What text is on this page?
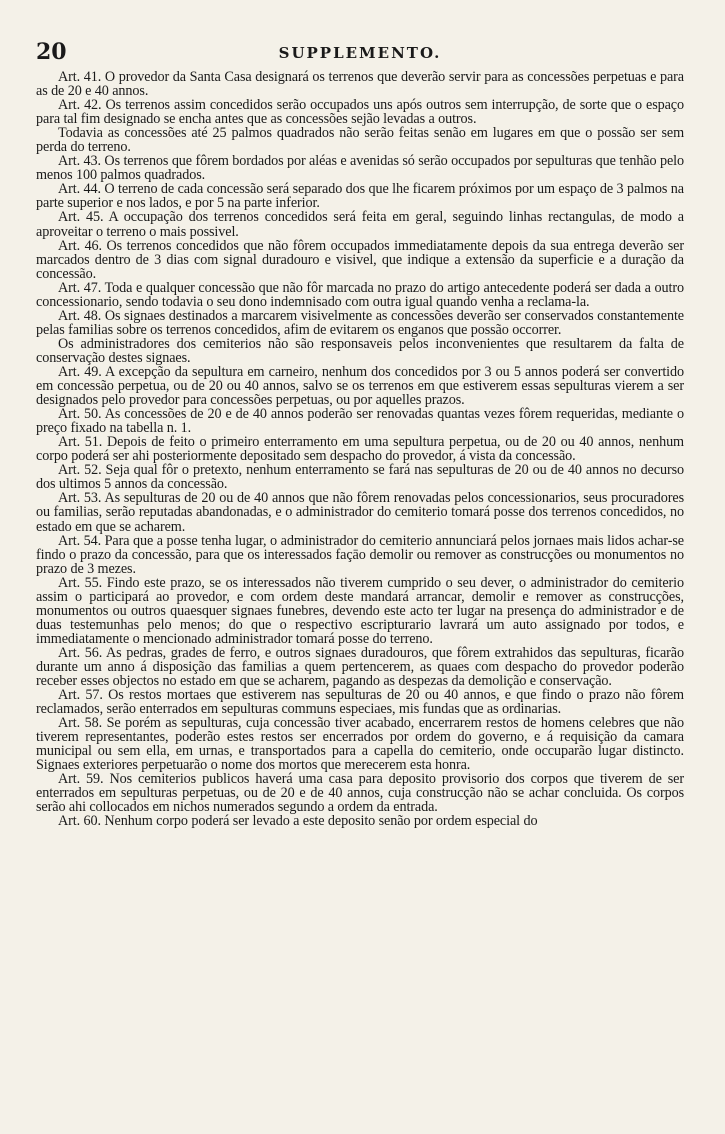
20	SUPPLEMENTO.

Art. 41. O provedor da Santa Casa designará os terrenos que deverão servir para as concessões perpetuas e para as de 20 e 40 annos.

Art. 42. Os terrenos assim concedidos serão occupados uns após outros sem interrupção, de sorte que o espaço para tal fim designado se encha antes que as concessões sejão levadas a outros.

Todavia as concessões até 25 palmos quadrados não serão feitas senão em lugares em que o possão ser sem perda do terreno.

Art. 43. Os terrenos que fôrem bordados por aléas e avenidas só serão occupados por sepulturas que tenhão pelo menos 100 palmos quadrados.

Art. 44. O terreno de cada concessão será separado dos que lhe ficarem próximos por um espaço de 3 palmos na parte superior e nos lados, e por 5 na parte inferior.

Art. 45. A occupação dos terrenos concedidos será feita em geral, seguindo linhas rectangulas, de modo a aproveitar o terreno o mais possivel.

Art. 46. Os terrenos concedidos que não fôrem occupados immediatamente depois da sua entrega deverão ser marcados dentro de 3 dias com signal duradouro e visivel, que indique a extensão da superficie e a duração da concessão.

Art. 47. Toda e qualquer concessão que não fôr marcada no prazo do artigo antecedente poderá ser dada a outro concessionario, sendo todavia o seu dono indemnisado com outra igual quando venha a reclama-la.

Art. 48. Os signaes destinados a marcarem visivelmente as concessões deverão ser conservados constantemente pelas familias sobre os terrenos concedidos, afim de evitarem os enganos que possão occorrer.

Os administradores dos cemiterios não são responsaveis pelos inconvenientes que resultarem da falta de conservação destes signaes.

Art. 49. A excepção da sepultura em carneiro, nenhum dos concedidos por 3 ou 5 annos poderá ser convertido em concessão perpetua, ou de 20 ou 40 annos, salvo se os terrenos em que estiverem essas sepulturas vierem a ser designados pelo provedor para concessões perpetuas, ou por aquelles prazos.

Art. 50. As concessões de 20 e de 40 annos poderão ser renovadas quantas vezes fôrem requeridas, mediante o preço fixado na tabella n. 1.

Art. 51. Depois de feito o primeiro enterramento em uma sepultura perpetua, ou de 20 ou 40 annos, nenhum corpo poderá ser ahi posteriormente depositado sem despacho do provedor, á vista da concessão.

Art. 52. Seja qual fôr o pretexto, nenhum enterramento se fará nas sepulturas de 20 ou de 40 annos no decurso dos ultimos 5 annos da concessão.

Art. 53. As sepulturas de 20 ou de 40 annos que não fôrem renovadas pelos concessionarios, seus procuradores ou familias, serão reputadas abandonadas, e o administrador do cemiterio tomará posse dos terrenos concedidos, no estado em que se acharem.

Art. 54. Para que a posse tenha lugar, o administrador do cemiterio annunciará pelos jornaes mais lidos achar-se findo o prazo da concessão, para que os interessados façāo demolir ou remover as construcções ou monumentos no prazo de 3 mezes.

Art. 55. Findo este prazo, se os interessados não tiverem cumprido o seu dever, o administrador do cemiterio assim o participará ao provedor, e com ordem deste mandará arrancar, demolir e remover as construcções, monumentos ou outros quaesquer signaes funebres, devendo este acto ter lugar na presença do administrador e de duas testemunhas pelo menos; do que o respectivo escripturario lavrará um auto assignado por todos, e immediatamente o mencionado administrador tomará posse do terreno.

Art. 56. As pedras, grades de ferro, e outros signaes duradouros, que fôrem extrahidos das sepulturas, ficarão durante um anno á disposição das familias a quem pertencerem, as quaes com despacho do provedor poderão receber esses objectos no estado em que se acharem, pagando as despezas da demolição e conservação.

Art. 57. Os restos mortaes que estiverem nas sepulturas de 20 ou 40 annos, e que findo o prazo não fôrem reclamados, serão enterrados em sepulturas communs especiaes, mis fundas que as ordinarias.

Art. 58. Se porém as sepulturas, cuja concessão tiver acabado, encerrarem restos de homens celebres que não tiverem representantes, poderão estes restos ser encerrados por ordem do governo, e á requisição da camara municipal ou sem ella, em urnas, e transportados para a capella do cemiterio, onde occuparão lugar distincto. Signaes exteriores perpetuarão o nome dos mortos que merecerem esta honra.

Art. 59. Nos cemiterios publicos haverá uma casa para deposito provisorio dos corpos que tiverem de ser enterrados em sepulturas perpetuas, ou de 20 e de 40 annos, cuja construcção não se achar concluida. Os corpos serão ahi collocados em nichos numerados segundo a ordem da entrada.

Art. 60. Nenhum corpo poderá ser levado a este deposito senão por ordem especial do
